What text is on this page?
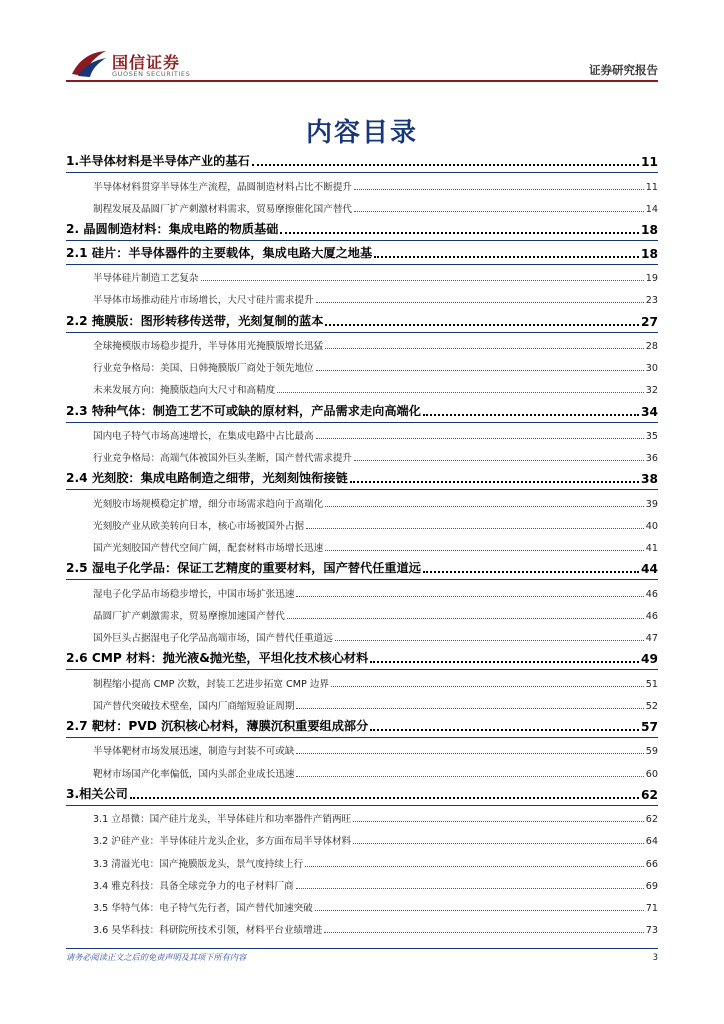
国信证券
GUOSEN SECURITIES	证券研究报告
内容目录
1.半导体材料是半导体产业的基石	11
半导体材料贯穿半导体生产流程，晶圆制造材料占比不断提升	11
制程发展及晶圆厂扩产刺激材料需求，贸易摩擦催化国产替代	14
2. 晶圆制造材料：集成电路的物质基础	18
2.1 硅片：半导体器件的主要载体，集成电路大厦之地基	18
半导体硅片制造工艺复杂	19
半导体市场推动硅片市场增长，大尺寸硅片需求提升	23
2.2 掩膜版：图形转移传送带，光刻复制的蓝本	27
全球掩模版市场稳步提升，半导体用光掩膜版增长迅猛	28
行业竞争格局：美国、日韩掩膜版厂商处于领先地位	30
未来发展方向：掩膜版趋向大尺寸和高精度	32
2.3 特种气体：制造工艺不可或缺的原材料，产品需求走向高端化	34
国内电子特气市场高速增长，在集成电路中占比最高	35
行业竞争格局：高端气体被国外巨头垄断，国产替代需求提升	36
2.4 光刻胶：集成电路制造之细带，光刻刻蚀衔接链	38
光刻胶市场规模稳定扩增，细分市场需求趋向于高端化	39
光刻胶产业从欧美转向日本，核心市场被国外占据	40
国产光刻胶国产替代空间广阔，配套材料市场增长迅速	41
2.5 湿电子化学品：保证工艺精度的重要材料，国产替代任重道远	44
湿电子化学品市场稳步增长，中国市场扩张迅速	46
晶圆厂扩产刺激需求，贸易摩擦加速国产替代	46
国外巨头占据湿电子化学品高端市场，国产替代任重道远	47
2.6 CMP 材料：抛光液&抛光垫，平坦化技术核心材料	49
制程缩小提高 CMP 次数，封装工艺进步拓宽 CMP 边界	51
国产替代突破技术壁垒，国内厂商缩短验证周期	52
2.7 靶材：PVD 沉积核心材料，薄膜沉积重要组成部分	57
半导体靶材市场发展迅速，制造与封装不可或缺	59
靶材市场国产化率偏低，国内头部企业成长迅速	60
3.相关公司	62
3.1 立昂微：国产硅片龙头，半导体硅片和功率器件产销两旺	62
3.2 沪硅产业：半导体硅片龙头企业，多方面布局半导体材料	64
3.3 清溢光电：国产掩膜版龙头，景气度持续上行	66
3.4 雅克科技：具备全球竞争力的电子材料厂商	69
3.5 华特气体：电子特气先行者，国产替代加速突破	71
3.6 昊华科技：科研院所技术引领，材料平台业绩增进	73
请务必阅读正文之后的免责声明及其项下所有内容	3
